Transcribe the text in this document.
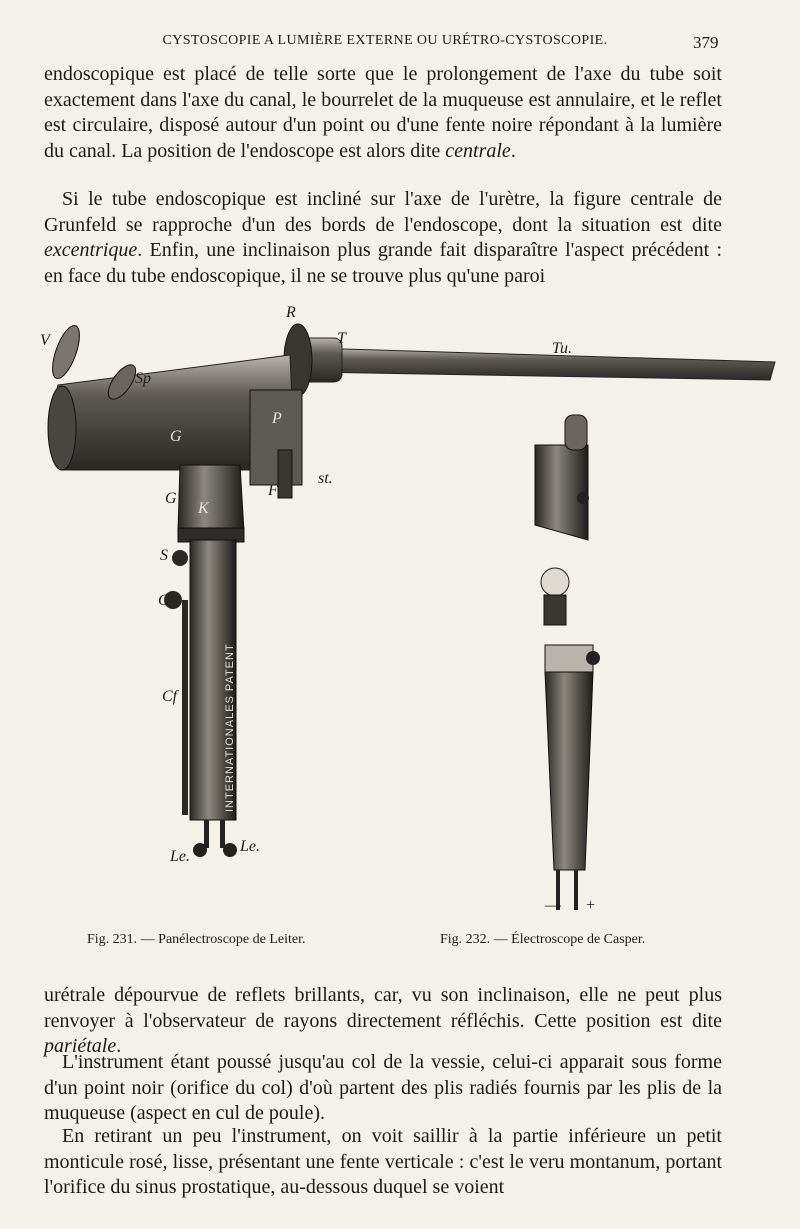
CYSTOSCOPIE A LUMIÈRE EXTERNE OU URÉTRO-CYSTOSCOPIE.	379
endoscopique est placé de telle sorte que le prolongement de l'axe du tube soit exactement dans l'axe du canal, le bourrelet de la muqueuse est annulaire, et le reflet est circulaire, disposé autour d'un point ou d'une fente noire répondant à la lumière du canal. La position de l'endoscope est alors dite centrale.
Si le tube endoscopique est incliné sur l'axe de l'urètre, la figure centrale de Grunfeld se rapproche d'un des bords de l'endoscope, dont la situation est dite excentrique. Enfin, une inclinaison plus grande fait disparaître l'aspect précédent : en face du tube endoscopique, il ne se trouve plus qu'une paroi
V
Sp
R
T
Tu.
G
P
st.
F
G'
K
S
C
Cf
Le.
Le.
— +
INTERNATIONALES PATENT
Fig. 231. — Panélectroscope de Leiter.	Fig. 232. — Électroscope de Casper.
urétrale dépourvue de reflets brillants, car, vu son inclinaison, elle ne peut plus renvoyer à l'observateur de rayons directement réfléchis. Cette position est dite pariétale.
L'instrument étant poussé jusqu'au col de la vessie, celui-ci apparait sous forme d'un point noir (orifice du col) d'où partent des plis radiés fournis par les plis de la muqueuse (aspect en cul de poule).
En retirant un peu l'instrument, on voit saillir à la partie inférieure un petit monticule rosé, lisse, présentant une fente verticale : c'est le veru montanum, portant l'orifice du sinus prostatique, au-dessous duquel se voient
